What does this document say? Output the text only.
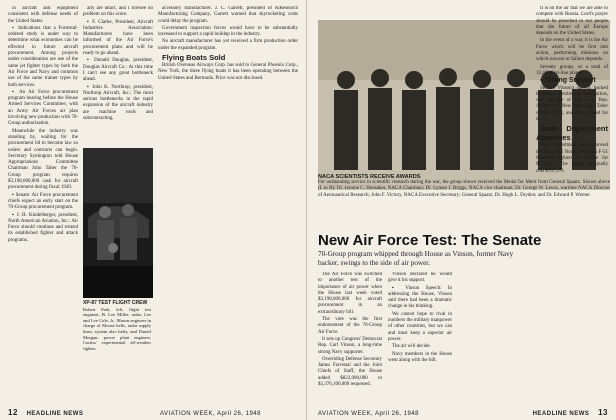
in aircraft and equipment consistent with defense needs of the United States.

▪ Indications that a Forrestal-ordered study is under way to determine what economies can be effected in future aircraft procurement. Among projects under consideration are use of the same jet fighter types by both the Air Force and Navy and common use of the same trainer types by both services.

▪ An Air Force procurement program hearing before the House Armed Services Committee, with an Army Air Forces air plan involving new production with 70-Group authorization.

Meanwhile the industry was standing by, waiting for the procurement lid to become law so orders and contracts can begin. Secretary Symington told House Appropriations Committee Chairman John Taber the 70-Group program requires $3,198,000,000 cash for aircraft procurement during fiscal 1949.

▪ Senate: Air Force procurement chiefs expect an early start on the 70-Group procurement program.

▪ J. H. Kindelberger, president, North American Aviation, Inc.: Air Force should continue and extend its established fighter and attack programs.

ally are intact, and I foresee no problem on this score.

▪ F. Clarke, President, Aircraft Industries Association: Manufacturers have been informed of the Air Force's procurement plans and will be ready to go ahead.

▪ Donald Douglas, president, Douglas Aircraft Co.: At this time I can't see any great bottleneck ahead.

▪ John K. Northrop, president, Northrop Aircraft, Inc.: The most serious bottlenecks in the rapid expansion of the aircraft industry are machine tools and subcontracting.

XP-87 TEST FLIGHT CREW
Robert Park, left, flight test engineer, B. Lee Miller, radar, Lee and Lee Cole, Jr., Mason engineer in charge of Mouse bells, radar supply lines, system also hefty, and Daniel Morgan, power plant engineer, Curtiss' experimental all-weather fighter.

accessory manufacturer. J. C. Garrett, president of AiResearch Manufacturing Company, Garrett warned that skyrocketing costs could delay the program.

Government inspection forces would have to be substantially increased to support a rapid buildup in the industry.

No aircraft manufacturer has yet received a firm production order under the expanded program.

Flying Boats Sold

British Overseas Airways Corp. has sold to General Phoenix Corp., New York, the three flying boats it has been operating between the United States and Bermuda. Price was not disclosed.

12 HEADLINE NEWS	AVIATION WEEK, April 26, 1948
NACA SCIENTISTS RECEIVE AWARDS
For outstanding service in scientific research during the war, the group shown received the Medal for Merit from General Spaatz. Shown above (L to R): Dr. Jerome C. Hunsaker, NACA Chairman; Dr. Lyman J. Briggs, NACA vice chairman; Dr. George W. Lewis, wartime NACA Director of Aeronautical Research; John F. Victory, NACA Executive Secretary; General Spaatz; Dr. Hugh L. Dryden; and Dr. Edward P. Warner.
New Air Force Test: The Senate
70-Group program whipped through House as Vinson, former Navy backer, swings to the side of air power.

The Air Force was switched to another test of the importance of air power when the House last week voted $3,198,000,000 for aircraft procurement in an extraordinary bill.

The vote was the first endorsement of the 70-Group Air Force.

It sets up Congress' Democrat Rep. Carl Vinson, a long-time strong Navy supporter.

Overriding Defense Secretary James Forrestal and the Joint Chiefs of Staff, the House added $822,000,000 to $2,376,100,000 requested.

Vinson declared he would give it his support.

▪ Vinson Speech: In addressing the House, Vinson said there had been a dramatic change in his thinking.

We cannot hope to rival in numbers the military manpower of other countries, but we can and must keep a superior air power.

The air will decide.

Navy members in the House went along with the bill.

It is on the air that we are able to compete with Russia. Lord's prayer should be preached to our people that the future of all Europe depends on the United States.

In the event of a war, it is the Air Force which will be first into action, performing missions on which success or failure depends.

Seventy groups, or a total of 12,400 first-line planes.

▪ Strong Support

Senator Vinson's speech, backed by House members of both parties, won passage of 343 to 3. Rep. Andrews of New York, Rep. Taber of New York, and others voted for it.

State Department Approves

State Department has approved the sale of 15 North American F-51 Mustang fighters to France for $157,667. The planes originally cost $767,571.

AVIATION WEEK, April 26, 1948	HEADLINE NEWS 13
